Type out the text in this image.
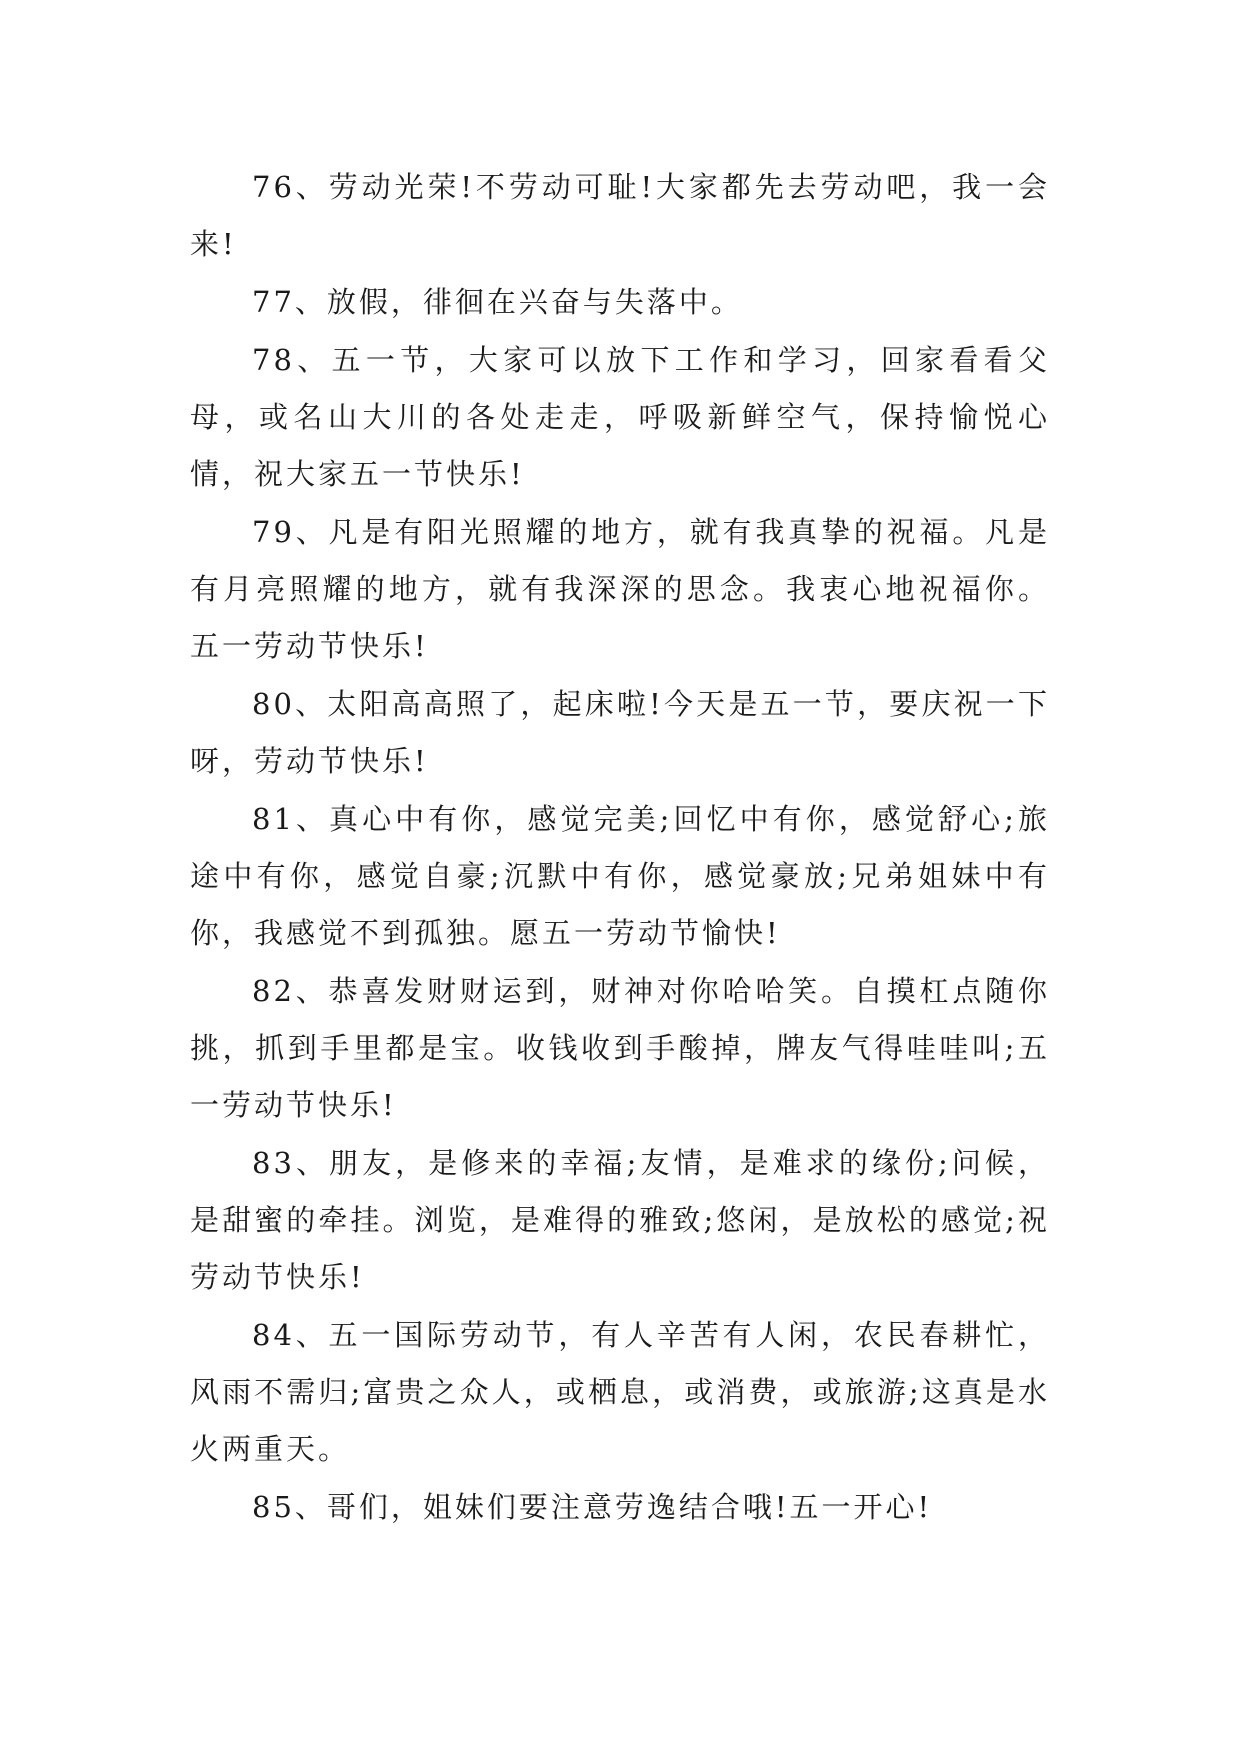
76、劳动光荣!不劳动可耻!大家都先去劳动吧，我一会来!

77、放假，徘徊在兴奋与失落中。

78、五一节，大家可以放下工作和学习，回家看看父母，或名山大川的各处走走，呼吸新鲜空气，保持愉悦心情，祝大家五一节快乐!

79、凡是有阳光照耀的地方，就有我真挚的祝福。凡是有月亮照耀的地方，就有我深深的思念。我衷心地祝福你。五一劳动节快乐!

80、太阳高高照了，起床啦!今天是五一节，要庆祝一下呀，劳动节快乐!

81、真心中有你，感觉完美;回忆中有你，感觉舒心;旅途中有你，感觉自豪;沉默中有你，感觉豪放;兄弟姐妹中有你，我感觉不到孤独。愿五一劳动节愉快!

82、恭喜发财财运到，财神对你哈哈笑。自摸杠点随你挑，抓到手里都是宝。收钱收到手酸掉，牌友气得哇哇叫;五一劳动节快乐!

83、朋友，是修来的幸福;友情，是难求的缘份;问候，是甜蜜的牵挂。浏览，是难得的雅致;悠闲，是放松的感觉;祝劳动节快乐!

84、五一国际劳动节，有人辛苦有人闲，农民春耕忙，风雨不需归;富贵之众人，或栖息，或消费，或旅游;这真是水火两重天。

85、哥们，姐妹们要注意劳逸结合哦!五一开心!
